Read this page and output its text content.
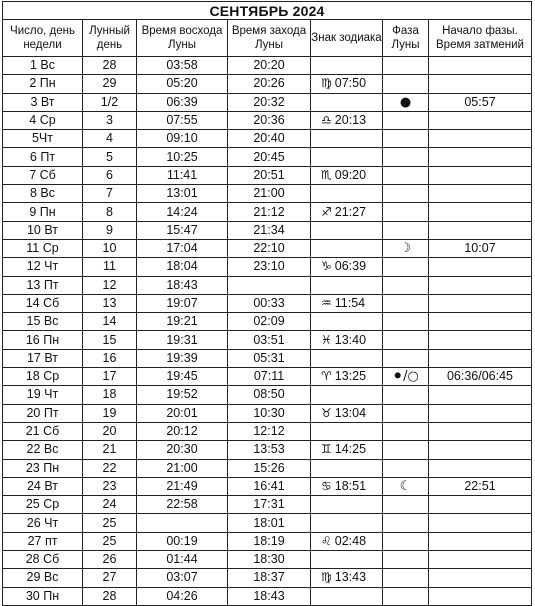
СЕНТЯБРЬ 2024						
Число, день недели	Лунный день	Время восхода Луны	Время захода Луны	Знак зодиака	Фаза Луны	Начало фазы. Время затмений
1 Вс	28	03:58	20:20			
2 Пн	29	05:20	20:26	♍ 07:50		
3 Вт	1/2	06:39	20:32		●	05:57
4 Ср	3	07:55	20:36	♎ 20:13		
5Чт	4	09:10	20:40			
6 Пт	5	10:25	20:45			
7 Сб	6	11:41	20:51	♏ 09:20		
8 Вс	7	13:01	21:00			
9 Пн	8	14:24	21:12	♐ 21:27		
10 Вт	9	15:47	21:34			
11 Ср	10	17:04	22:10		☽	10:07
12 Чт	11	18:04	23:10	♑ 06:39		
13 Пт	12	18:43				
14 Сб	13	19:07	00:33	♒ 11:54		
15 Вс	14	19:21	02:09			
16 Пн	15	19:31	03:51	♓ 13:40		
17 Вт	16	19:39	05:31			
18 Ср	17	19:45	07:11	♈ 13:25	⚫/○	06:36/06:45
19 Чт	18	19:52	08:50			
20 Пт	19	20:01	10:30	♉ 13:04		
21 Сб	20	20:12	12:12			
22 Вс	21	20:30	13:53	♊ 14:25		
23 Пн	22	21:00	15:26			
24 Вт	23	21:49	16:41	♋ 18:51	☾	22:51
25 Ср	24	22:58	17:31			
26 Чт	25		18:01			
27 пт	25	00:19	18:19	♌ 02:48		
28 Сб	26	01:44	18:30			
29 Вс	27	03:07	18:37	♍ 13:43		
30 Пн	28	04:26	18:43			
